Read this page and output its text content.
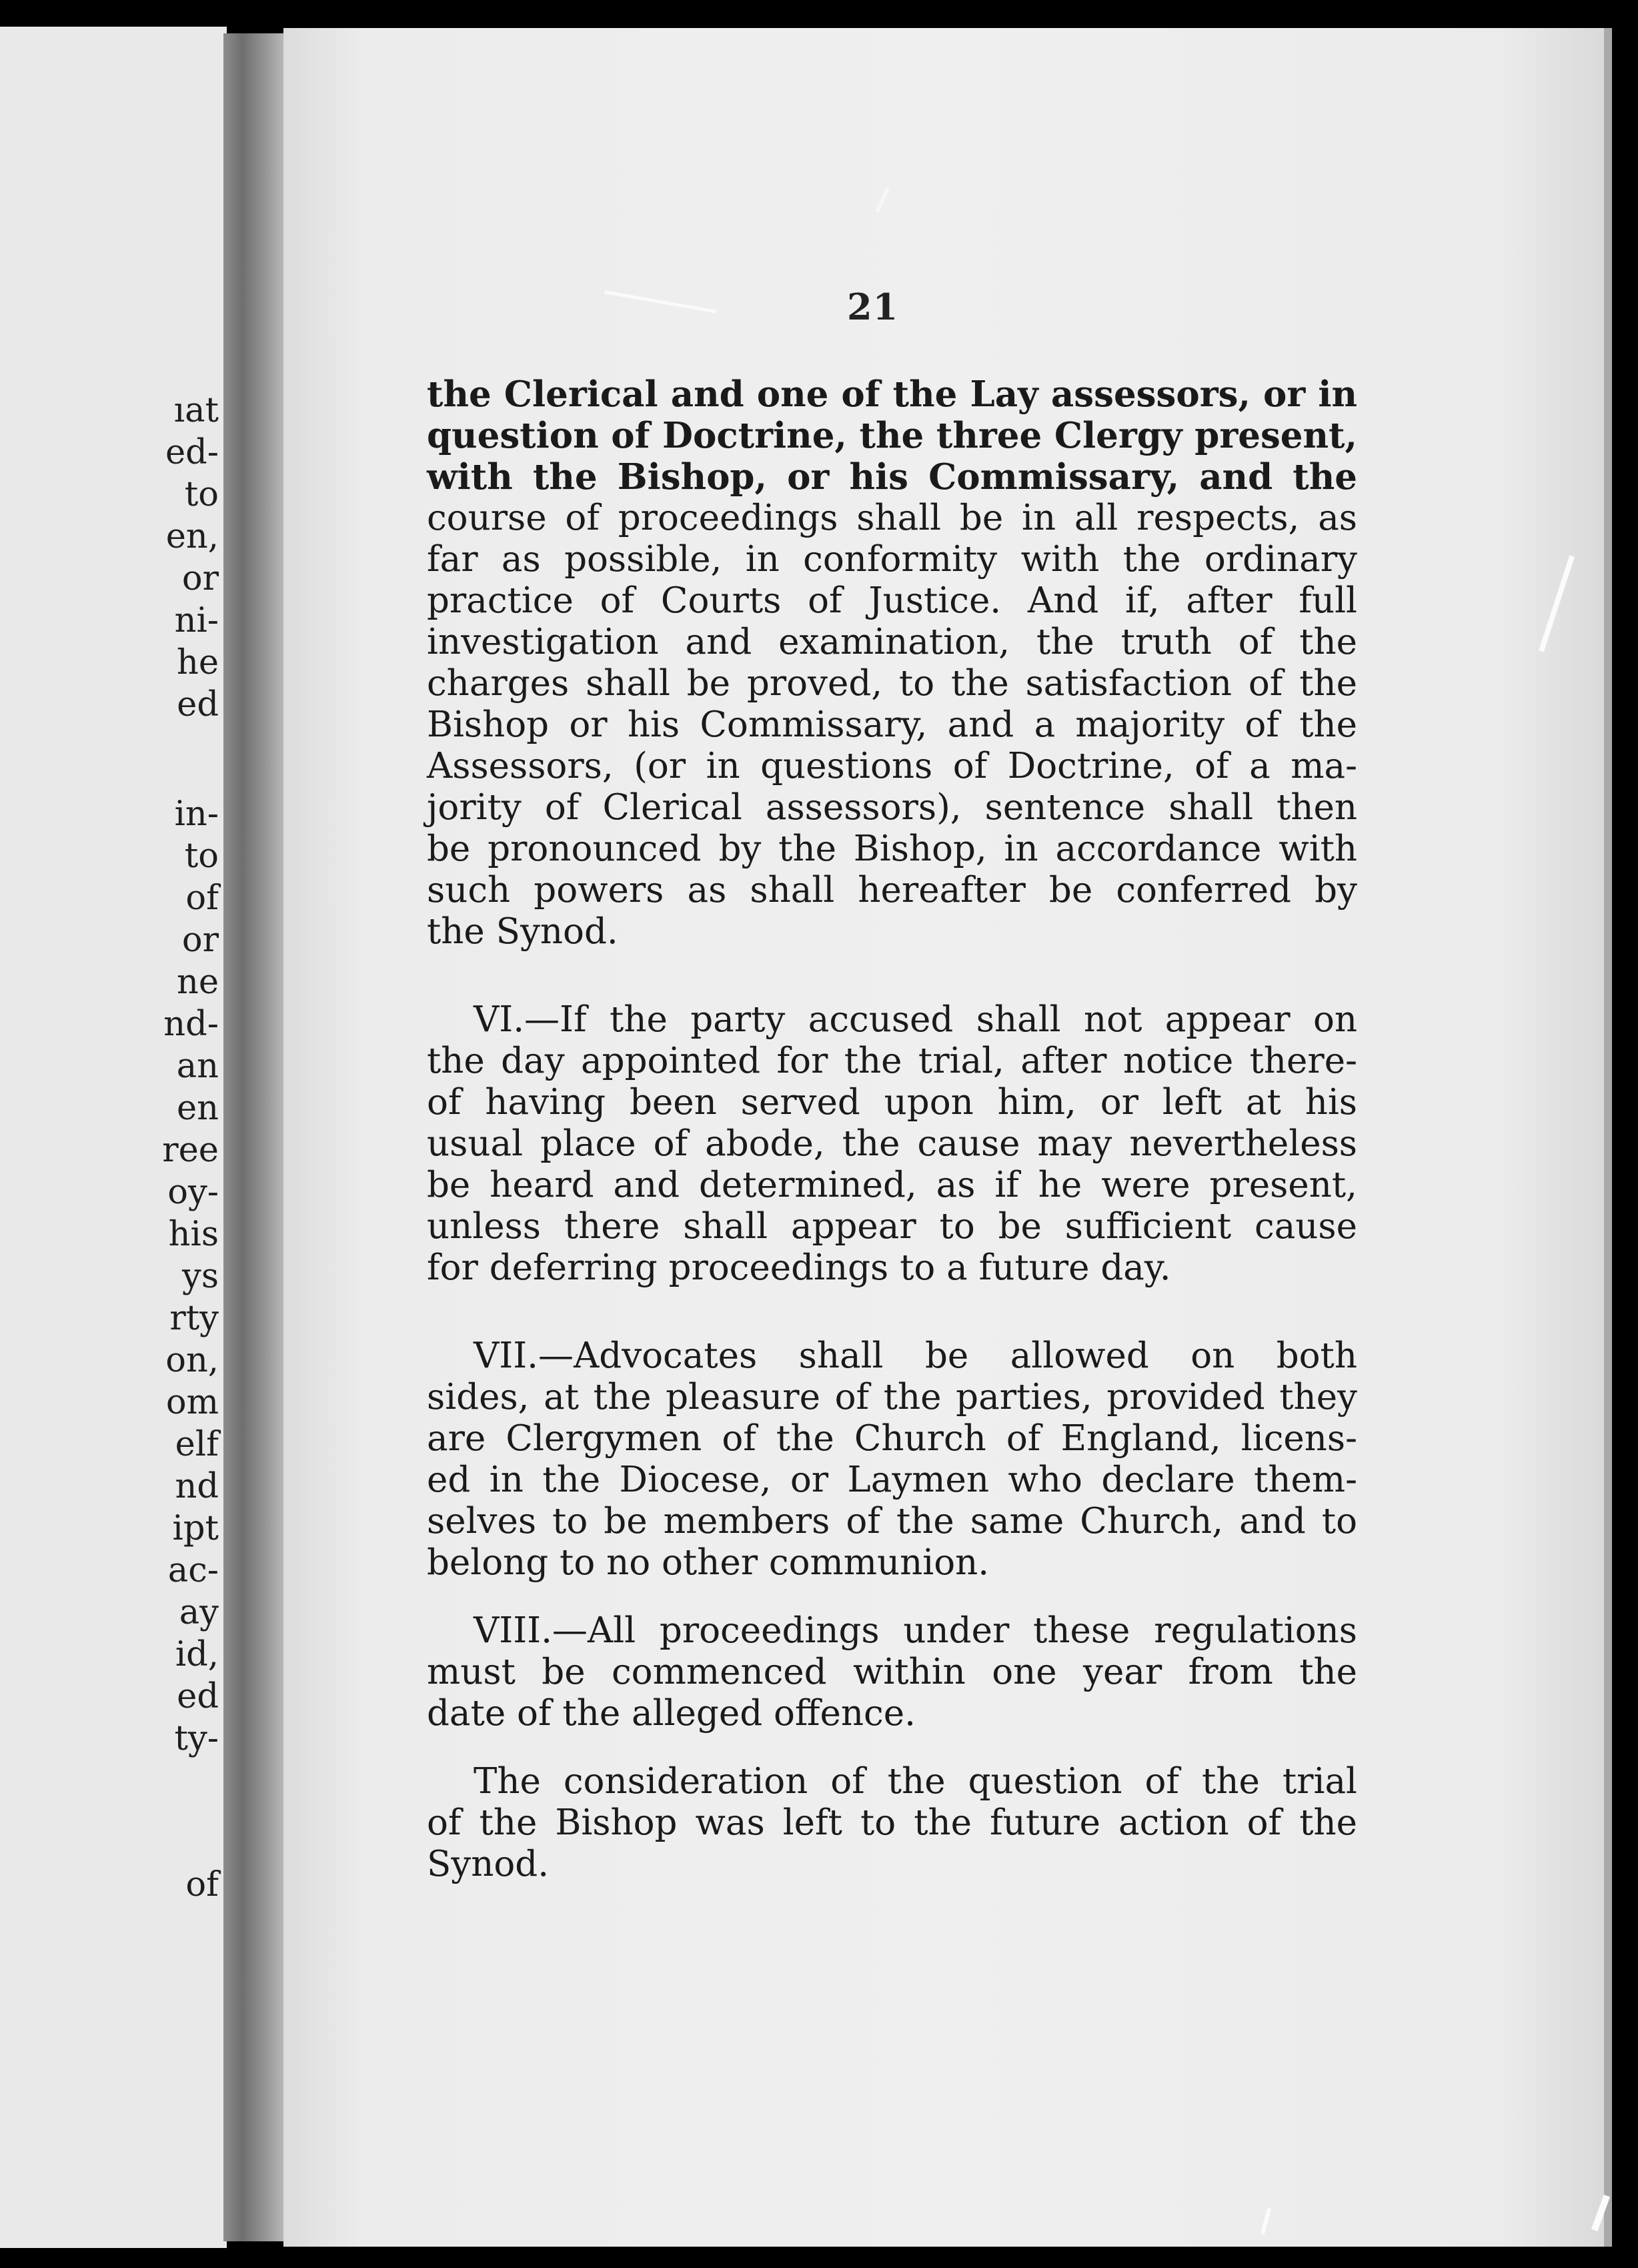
ıat
ed-
to
en,
or
ni-
he
ed
in-
to
of
or
ne
nd-
an
en
ree
oy-
his
ys
rty
on,
om
elf
nd
ipt
ac-
ay
id,
ed
ty-
of
21
the Clerical and one of the Lay assessors, or in
question of Doctrine, the three Clergy present,
with the Bishop, or his Commissary, and the
course of proceedings shall be in all respects, as
far as possible, in conformity with the ordinary
practice of Courts of Justice. And if, after full
investigation and examination, the truth of the
charges shall be proved, to the satisfaction of the
Bishop or his Commissary, and a majority of the
Assessors, (or in questions of Doctrine, of a ma-
jority of Clerical assessors), sentence shall then
be pronounced by the Bishop, in accordance with
such powers as shall hereafter be conferred by
the Synod.
VI.—If the party accused shall not appear on
the day appointed for the trial, after notice there-
of having been served upon him, or left at his
usual place of abode, the cause may nevertheless
be heard and determined, as if he were present,
unless there shall appear to be sufficient cause
for deferring proceedings to a future day.
VII.—Advocates shall be allowed on both
sides, at the pleasure of the parties, provided they
are Clergymen of the Church of England, licens-
ed in the Diocese, or Laymen who declare them-
selves to be members of the same Church, and to
belong to no other communion.
VIII.—All proceedings under these regulations
must be commenced within one year from the
date of the alleged offence.
The consideration of the question of the trial
of the Bishop was left to the future action of the
Synod.
